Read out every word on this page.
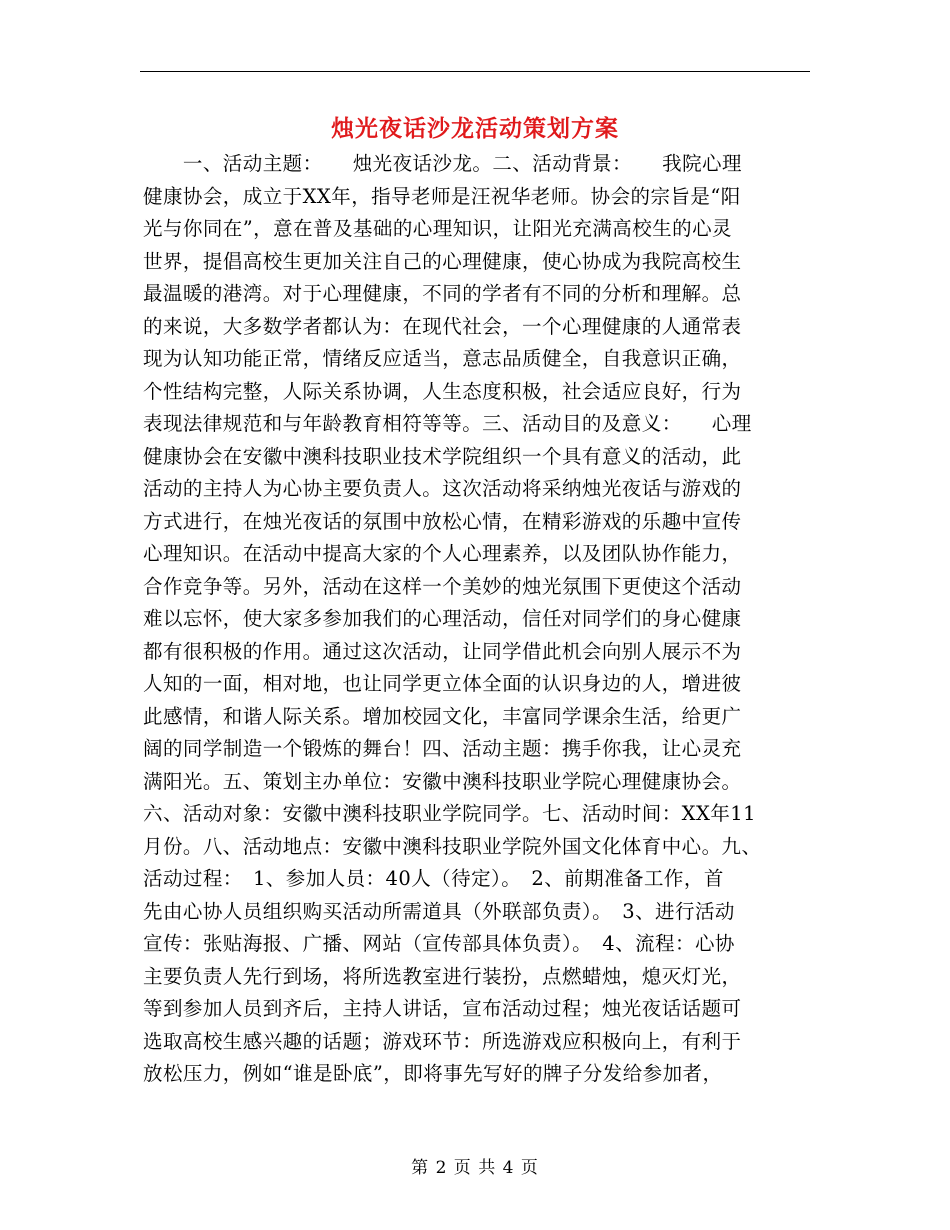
烛光夜话沙龙活动策划方案
　　一、活动主题：　　烛光夜话沙龙。二、活动背景：　　我院心理
健康协会，成立于XX年，指导老师是汪祝华老师。协会的宗旨是“阳
光与你同在”，意在普及基础的心理知识，让阳光充满高校生的心灵
世界，提倡高校生更加关注自己的心理健康，使心协成为我院高校生
最温暖的港湾。对于心理健康，不同的学者有不同的分析和理解。总
的来说，大多数学者都认为：在现代社会，一个心理健康的人通常表
现为认知功能正常，情绪反应适当，意志品质健全，自我意识正确，
个性结构完整，人际关系协调，人生态度积极，社会适应良好，行为
表现法律规范和与年龄教育相符等等。三、活动目的及意义：　　心理
健康协会在安徽中澳科技职业技术学院组织一个具有意义的活动，此
活动的主持人为心协主要负责人。这次活动将采纳烛光夜话与游戏的
方式进行，在烛光夜话的氛围中放松心情，在精彩游戏的乐趣中宣传
心理知识。在活动中提高大家的个人心理素养，以及团队协作能力，
合作竞争等。另外，活动在这样一个美妙的烛光氛围下更使这个活动
难以忘怀，使大家多参加我们的心理活动，信任对同学们的身心健康
都有很积极的作用。通过这次活动，让同学借此机会向别人展示不为
人知的一面，相对地，也让同学更立体全面的认识身边的人，增进彼
此感情，和谐人际关系。增加校园文化，丰富同学课余生活，给更广
阔的同学制造一个锻炼的舞台！四、活动主题：携手你我，让心灵充
满阳光。五、策划主办单位：安徽中澳科技职业学院心理健康协会。
六、活动对象：安徽中澳科技职业学院同学。七、活动时间：XX年11
月份。八、活动地点：安徽中澳科技职业学院外国文化体育中心。九、
活动过程：　1、参加人员：40人（待定）。　2、前期准备工作，首
先由心协人员组织购买活动所需道具（外联部负责）。　3、进行活动
宣传：张贴海报、广播、网站（宣传部具体负责）。　4、流程：心协
主要负责人先行到场，将所选教室进行装扮，点燃蜡烛，熄灭灯光，
等到参加人员到齐后，主持人讲话，宣布活动过程；烛光夜话话题可
选取高校生感兴趣的话题；游戏环节：所选游戏应积极向上，有利于
放松压力，例如“谁是卧底”，即将事先写好的牌子分发给参加者，
第 2 页 共 4 页
